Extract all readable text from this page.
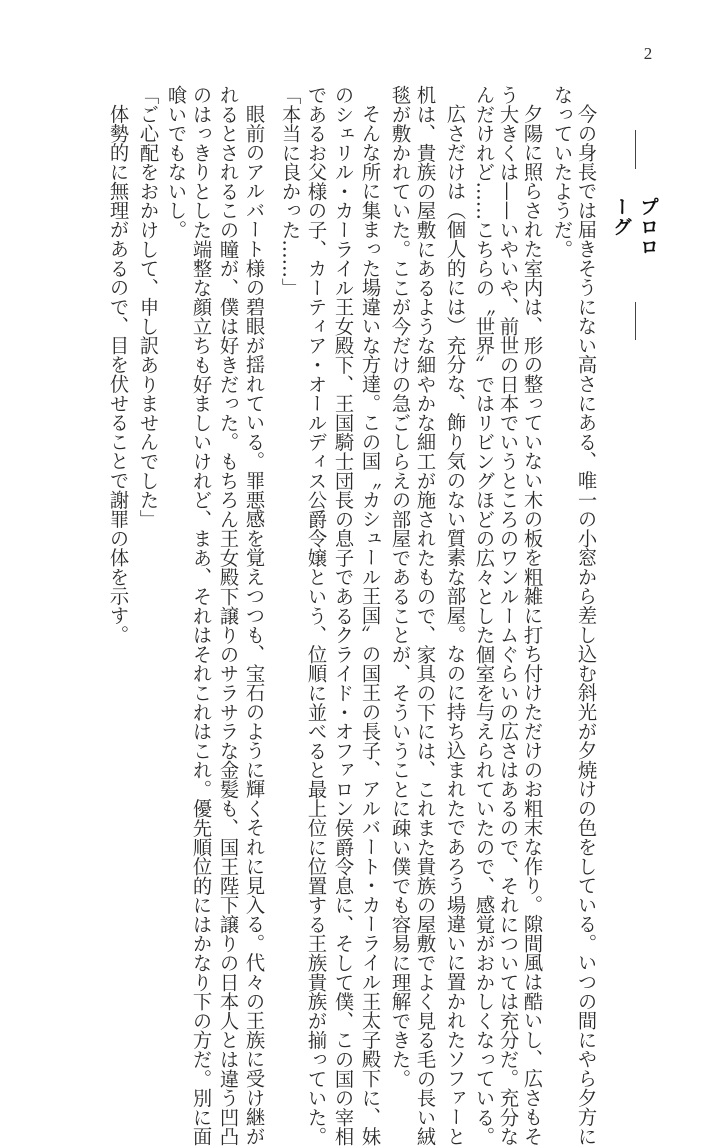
2
プロローグ
今の身長では届きそうにない高さにある、唯一の小窓から差し込む斜光が夕焼けの色をしている。いつの間にやら夕方に
なっていたようだ。
夕陽に照らされた室内は、形の整っていない木の板を粗雑に打ち付けただけのお粗末な作り。隙間風は酷いし、広さもそ
う大きくは——いやいや、前世の日本でいうところのワンルームぐらいの広さはあるので、それについては充分だ。充分な
んだけれど……こちらの〝世界〟ではリビングほどの広々とした個室を与えられていたので、感覚がおかしくなっている。
広さだけは（個人的には）充分な、飾り気のない質素な部屋。なのに持ち込まれたであろう場違いに置かれたソファーと
机は、貴族の屋敷にあるような細やかな細工が施されたもので、家具の下には、これまた貴族の屋敷でよく見る毛の長い絨
毯が敷かれていた。ここが今だけの急ごしらえの部屋であることが、そういうことに疎い僕でも容易に理解できた。
そんな所に集まった場違いな方達。この国〝カシュール王国〟の国王の長子、アルバート・カーライル王太子殿下に、妹
のシェリル・カーライル王女殿下、王国騎士団長の息子であるクライド・オファロン侯爵令息に、そして僕、この国の宰相
であるお父様の子、カーティア・オールディス公爵令嬢という、位順に並べると最上位に位置する王族貴族が揃っていた。
「本当に良かった……」
眼前のアルバート様の碧眼が揺れている。罪悪感を覚えつつも、宝石のように輝くそれに見入る。代々の王族に受け継が
れるとされるこの瞳が、僕は好きだった。もちろん王女殿下譲りのサラサラな金髪も、国王陛下譲りの日本人とは違う凹凸
のはっきりとした端整な顔立ちも好ましいけれど、まあ、それはそれこれはこれ。優先順位的にはかなり下の方だ。別に面
喰いでもないし。
「ご心配をおかけして、申し訳ありませんでした」
体勢的に無理があるので、目を伏せることで謝罪の体を示す。
